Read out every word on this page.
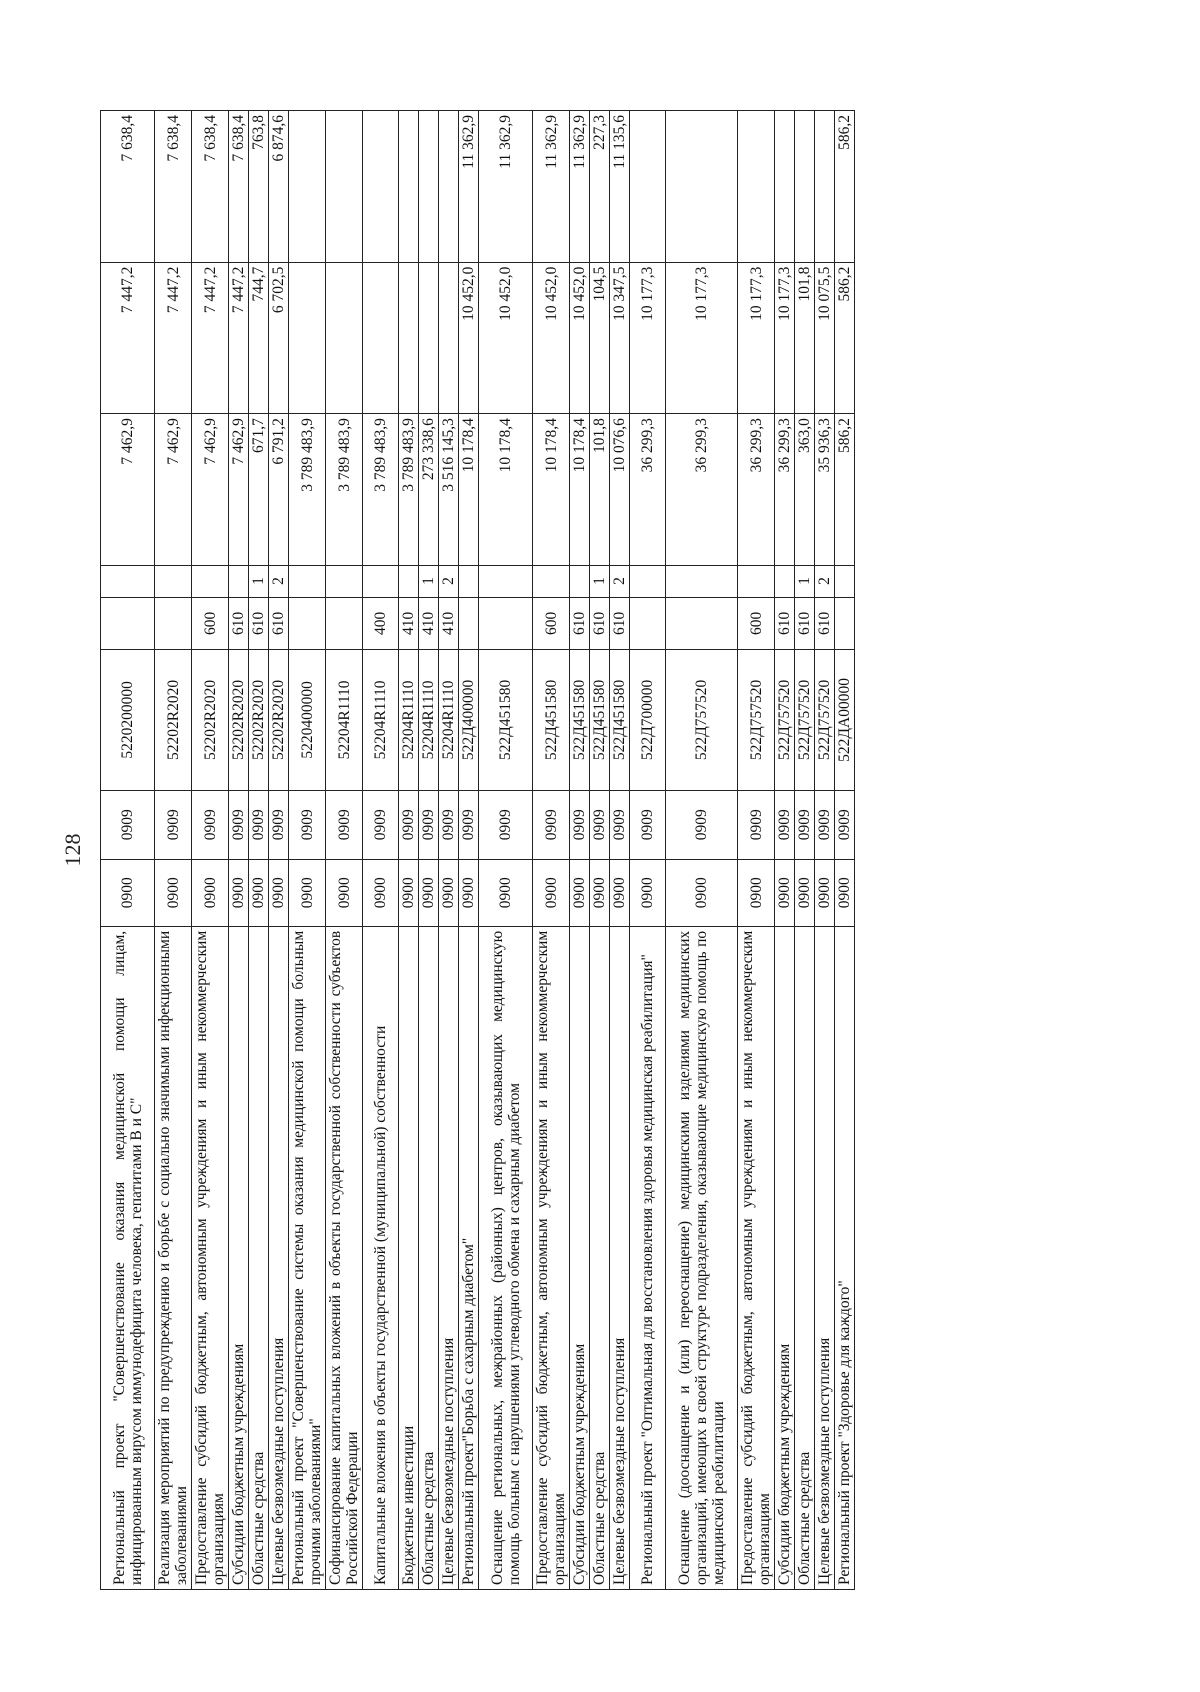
128
Региональный проект "Совершенствование оказания медицинской помощи лицам, инфицированным вирусом иммунодефицита человека, гепатитами В и С"	0900	0909	5220200000			7 462,9	7 447,2	7 638,4
Реализация мероприятий по предупреждению и борьбе с социально значимыми инфекционными заболеваниями	0900	0909	52202R2020			7 462,9	7 447,2	7 638,4
Предоставление субсидий бюджетным, автономным учреждениям и иным некоммерческим организациям	0900	0909	52202R2020	600		7 462,9	7 447,2	7 638,4
Субсидии бюджетным учреждениям	0900	0909	52202R2020	610		7 462,9	7 447,2	7 638,4
Областные средства	0900	0909	52202R2020	610	1	671,7	744,7	763,8
Целевые безвозмездные поступления	0900	0909	52202R2020	610	2	6 791,2	6 702,5	6 874,6
Региональный проект "Совершенствование системы оказания медицинской помощи больным прочими заболеваниями"	0900	0909	5220400000			3 789 483,9		
Софинансирование капитальных вложений в объекты государственной собственности субъектов Российской Федерации	0900	0909	52204R1110			3 789 483,9		
Капитальные вложения в объекты государственной (муниципальной) собственности	0900	0909	52204R1110	400		3 789 483,9		
Бюджетные инвестиции	0900	0909	52204R1110	410		3 789 483,9		
Областные средства	0900	0909	52204R1110	410	1	273 338,6		
Целевые безвозмездные поступления	0900	0909	52204R1110	410	2	3 516 145,3		
Региональный проект"Борьба с сахарным диабетом"	0900	0909	522Д400000			10 178,4	10 452,0	11 362,9
Оснащение региональных, межрайонных (районных) центров, оказывающих медицинскую помощь больным с нарушениями углеводного обмена и сахарным диабетом	0900	0909	522Д451580			10 178,4	10 452,0	11 362,9
Предоставление субсидий бюджетным, автономным учреждениям и иным некоммерческим организациям	0900	0909	522Д451580	600		10 178,4	10 452,0	11 362,9
Субсидии бюджетным учреждениям	0900	0909	522Д451580	610		10 178,4	10 452,0	11 362,9
Областные средства	0900	0909	522Д451580	610	1	101,8	104,5	227,3
Целевые безвозмездные поступления	0900	0909	522Д451580	610	2	10 076,6	10 347,5	11 135,6
Региональный проект "Оптимальная для восстановления здоровья медицинская реабилитация"	0900	0909	522Д700000			36 299,3	10 177,3	
Оснащение (дооснащение и (или) переоснащение) медицинскими изделиями медицинских организаций, имеющих в своей структуре подразделения, оказывающие медицинскую помощь по медицинской реабилитации	0900	0909	522Д757520			36 299,3	10 177,3	
Предоставление субсидий бюджетным, автономным учреждениям и иным некоммерческим организациям	0900	0909	522Д757520	600		36 299,3	10 177,3	
Субсидии бюджетным учреждениям	0900	0909	522Д757520	610		36 299,3	10 177,3	
Областные средства	0900	0909	522Д757520	610	1	363,0	101,8	
Целевые безвозмездные поступления	0900	0909	522Д757520	610	2	35 936,3	10 075,5	
Региональный проект "Здоровье для каждого"	0900	0909	522ДА00000			586,2	586,2	586,2
